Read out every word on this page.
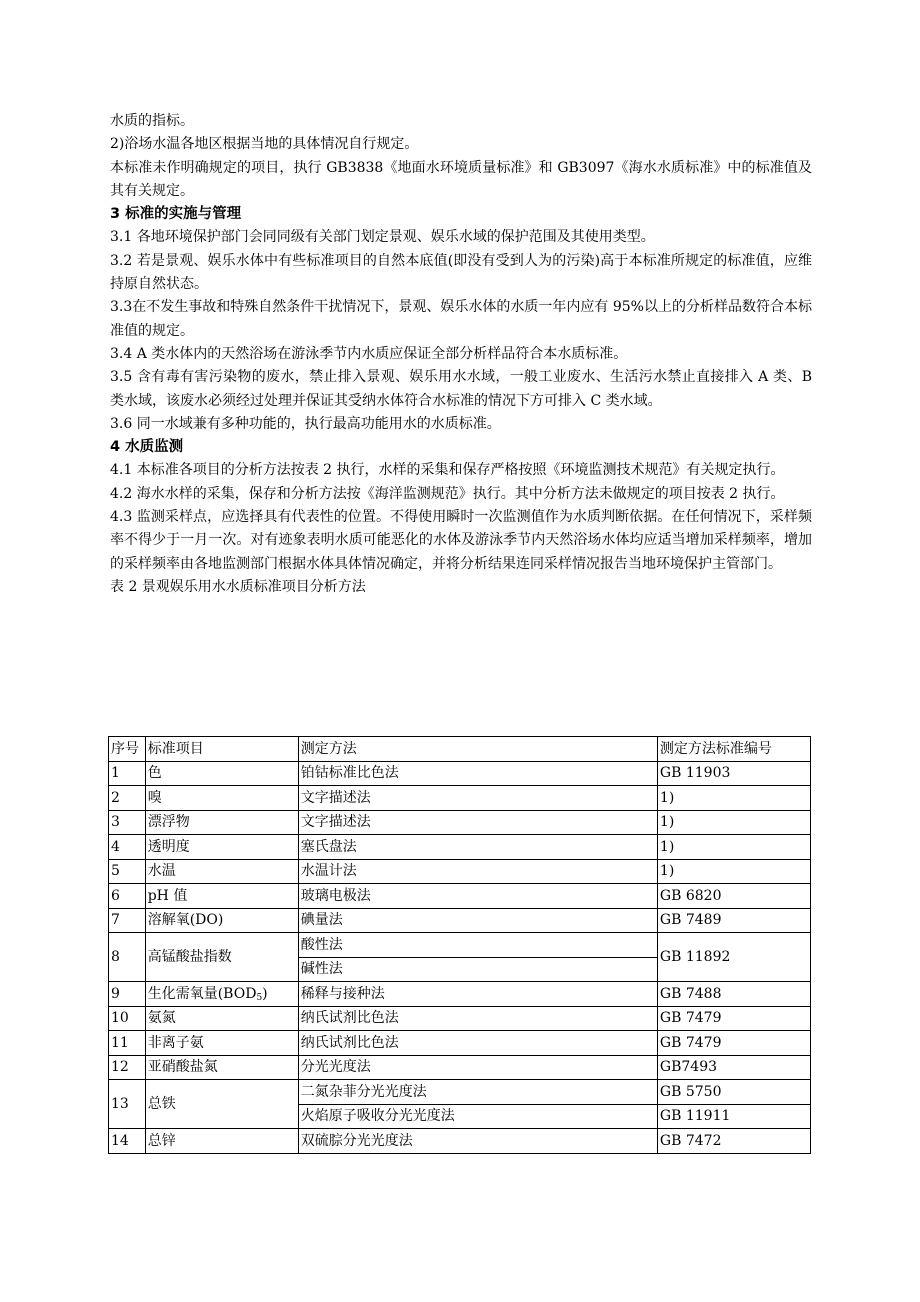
水质的指标。

2)浴场水温各地区根据当地的具体情况自行规定。

本标准未作明确规定的项目，执行 GB3838《地面水环境质量标准》和 GB3097《海水水质标准》中的标准值及其有关规定。

3 标准的实施与管理

3.1 各地环境保护部门会同同级有关部门划定景观、娱乐水域的保护范围及其使用类型。

3.2 若是景观、娱乐水体中有些标准项目的自然本底值(即没有受到人为的污染)高于本标准所规定的标准值，应维持原自然状态。

3.3在不发生事故和特殊自然条件干扰情况下，景观、娱乐水体的水质一年内应有 95%以上的分析样品数符合本标准值的规定。

3.4 A 类水体内的天然浴场在游泳季节内水质应保证全部分析样品符合本水质标准。

3.5 含有毒有害污染物的废水，禁止排入景观、娱乐用水水域，一般工业废水、生活污水禁止直接排入 A 类、B 类水域，该废水必须经过处理并保证其受纳水体符合水标准的情况下方可排入 C 类水域。

3.6 同一水域兼有多种功能的，执行最高功能用水的水质标准。

4 水质监测

4.1 本标准各项目的分析方法按表 2 执行，水样的采集和保存严格按照《环境监测技术规范》有关规定执行。

4.2 海水水样的采集，保存和分析方法按《海洋监测规范》执行。其中分析方法未做规定的项目按表 2 执行。

4.3 监测采样点，应选择具有代表性的位置。不得使用瞬时一次监测值作为水质判断依据。在任何情况下，采样频率不得少于一月一次。对有迹象表明水质可能恶化的水体及游泳季节内天然浴场水体均应适当增加采样频率，增加的采样频率由各地监测部门根据水体具体情况确定，并将分析结果连同采样情况报告当地环境保护主管部门。

表 2 景观娱乐用水水质标准项目分析方法

序号	标准项目	测定方法	测定方法标准编号
1	色	铂钴标准比色法	GB 11903
2	嗅	文字描述法	1)
3	漂浮物	文字描述法	1)
4	透明度	塞氏盘法	1)
5	水温	水温计法	1)
6	pH 值	玻璃电极法	GB 6820
7	溶解氧(DO)	碘量法	GB 7489
8	高锰酸盐指数	酸性法	GB 11892
		碱性法	
9	生化需氧量$(BOD_5)$	稀释与接种法	GB 7488
10	氨氮	纳氏试剂比色法	GB 7479
11	非离子氨	纳氏试剂比色法	GB 7479
12	亚硝酸盐氮	分光光度法	GB7493
13	总铁	二氮杂菲分光光度法	GB 5750
		火焰原子吸收分光光度法	GB 11911
14	总锌	双硫腙分光光度法	GB 7472
